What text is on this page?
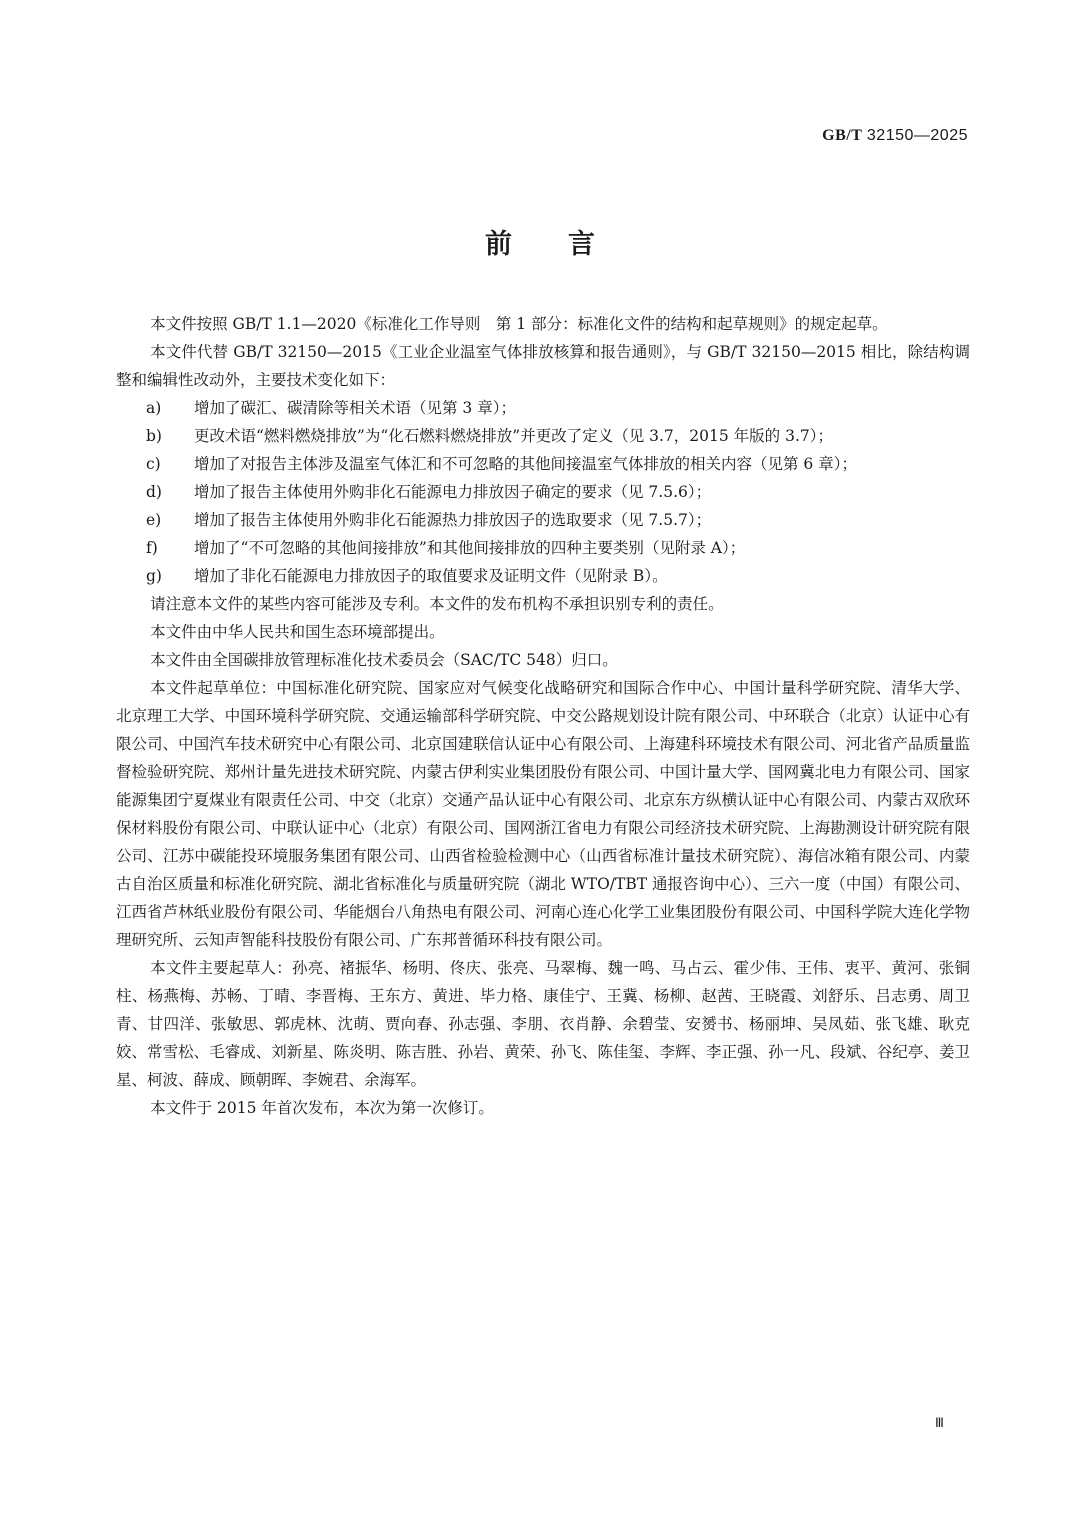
GB/T 32150—2025
前言

本文件按照 GB/T 1.1—2020《标准化工作导则　第 1 部分：标准化文件的结构和起草规则》的规定起草。

本文件代替 GB/T 32150—2015《工业企业温室气体排放核算和报告通则》，与 GB/T 32150—2015 相比，除结构调整和编辑性改动外，主要技术变化如下：

a)	增加了碳汇、碳清除等相关术语（见第 3 章）；
b)	更改术语“燃料燃烧排放”为“化石燃料燃烧排放”并更改了定义（见 3.7，2015 年版的 3.7）；
c)	增加了对报告主体涉及温室气体汇和不可忽略的其他间接温室气体排放的相关内容（见第 6 章）；
d)	增加了报告主体使用外购非化石能源电力排放因子确定的要求（见 7.5.6）；
e)	增加了报告主体使用外购非化石能源热力排放因子的选取要求（见 7.5.7）；
f)	增加了“不可忽略的其他间接排放”和其他间接排放的四种主要类别（见附录 A）；
g)	增加了非化石能源电力排放因子的取值要求及证明文件（见附录 B）。

请注意本文件的某些内容可能涉及专利。本文件的发布机构不承担识别专利的责任。

本文件由中华人民共和国生态环境部提出。

本文件由全国碳排放管理标准化技术委员会（SAC/TC 548）归口。

本文件起草单位：中国标准化研究院、国家应对气候变化战略研究和国际合作中心、中国计量科学研究院、清华大学、北京理工大学、中国环境科学研究院、交通运输部科学研究院、中交公路规划设计院有限公司、中环联合（北京）认证中心有限公司、中国汽车技术研究中心有限公司、北京国建联信认证中心有限公司、上海建科环境技术有限公司、河北省产品质量监督检验研究院、郑州计量先进技术研究院、内蒙古伊利实业集团股份有限公司、中国计量大学、国网冀北电力有限公司、国家能源集团宁夏煤业有限责任公司、中交（北京）交通产品认证中心有限公司、北京东方纵横认证中心有限公司、内蒙古双欣环保材料股份有限公司、中联认证中心（北京）有限公司、国网浙江省电力有限公司经济技术研究院、上海勘测设计研究院有限公司、江苏中碳能投环境服务集团有限公司、山西省检验检测中心（山西省标准计量技术研究院）、海信冰箱有限公司、内蒙古自治区质量和标准化研究院、湖北省标准化与质量研究院（湖北 WTO/TBT 通报咨询中心）、三六一度（中国）有限公司、江西省芦林纸业股份有限公司、华能烟台八角热电有限公司、河南心连心化学工业集团股份有限公司、中国科学院大连化学物理研究所、云知声智能科技股份有限公司、广东邦普循环科技有限公司。

本文件主要起草人：孙亮、褚振华、杨明、佟庆、张亮、马翠梅、魏一鸣、马占云、霍少伟、王伟、衷平、黄河、张铜柱、杨燕梅、苏畅、丁晴、李晋梅、王东方、黄进、毕力格、康佳宁、王冀、杨柳、赵茜、王晓霞、刘舒乐、吕志勇、周卫青、甘四洋、张敏思、郭虎林、沈萌、贾向春、孙志强、李朋、衣肖静、余碧莹、安赟书、杨丽坤、吴凤茹、张飞雄、耿克姣、常雪松、毛睿成、刘新星、陈炎明、陈吉胜、孙岩、黄荣、孙飞、陈佳玺、李辉、李正强、孙一凡、段斌、谷纪亭、姜卫星、柯波、薛成、顾朝晖、李婉君、余海军。

本文件于 2015 年首次发布，本次为第一次修订。

Ⅲ
